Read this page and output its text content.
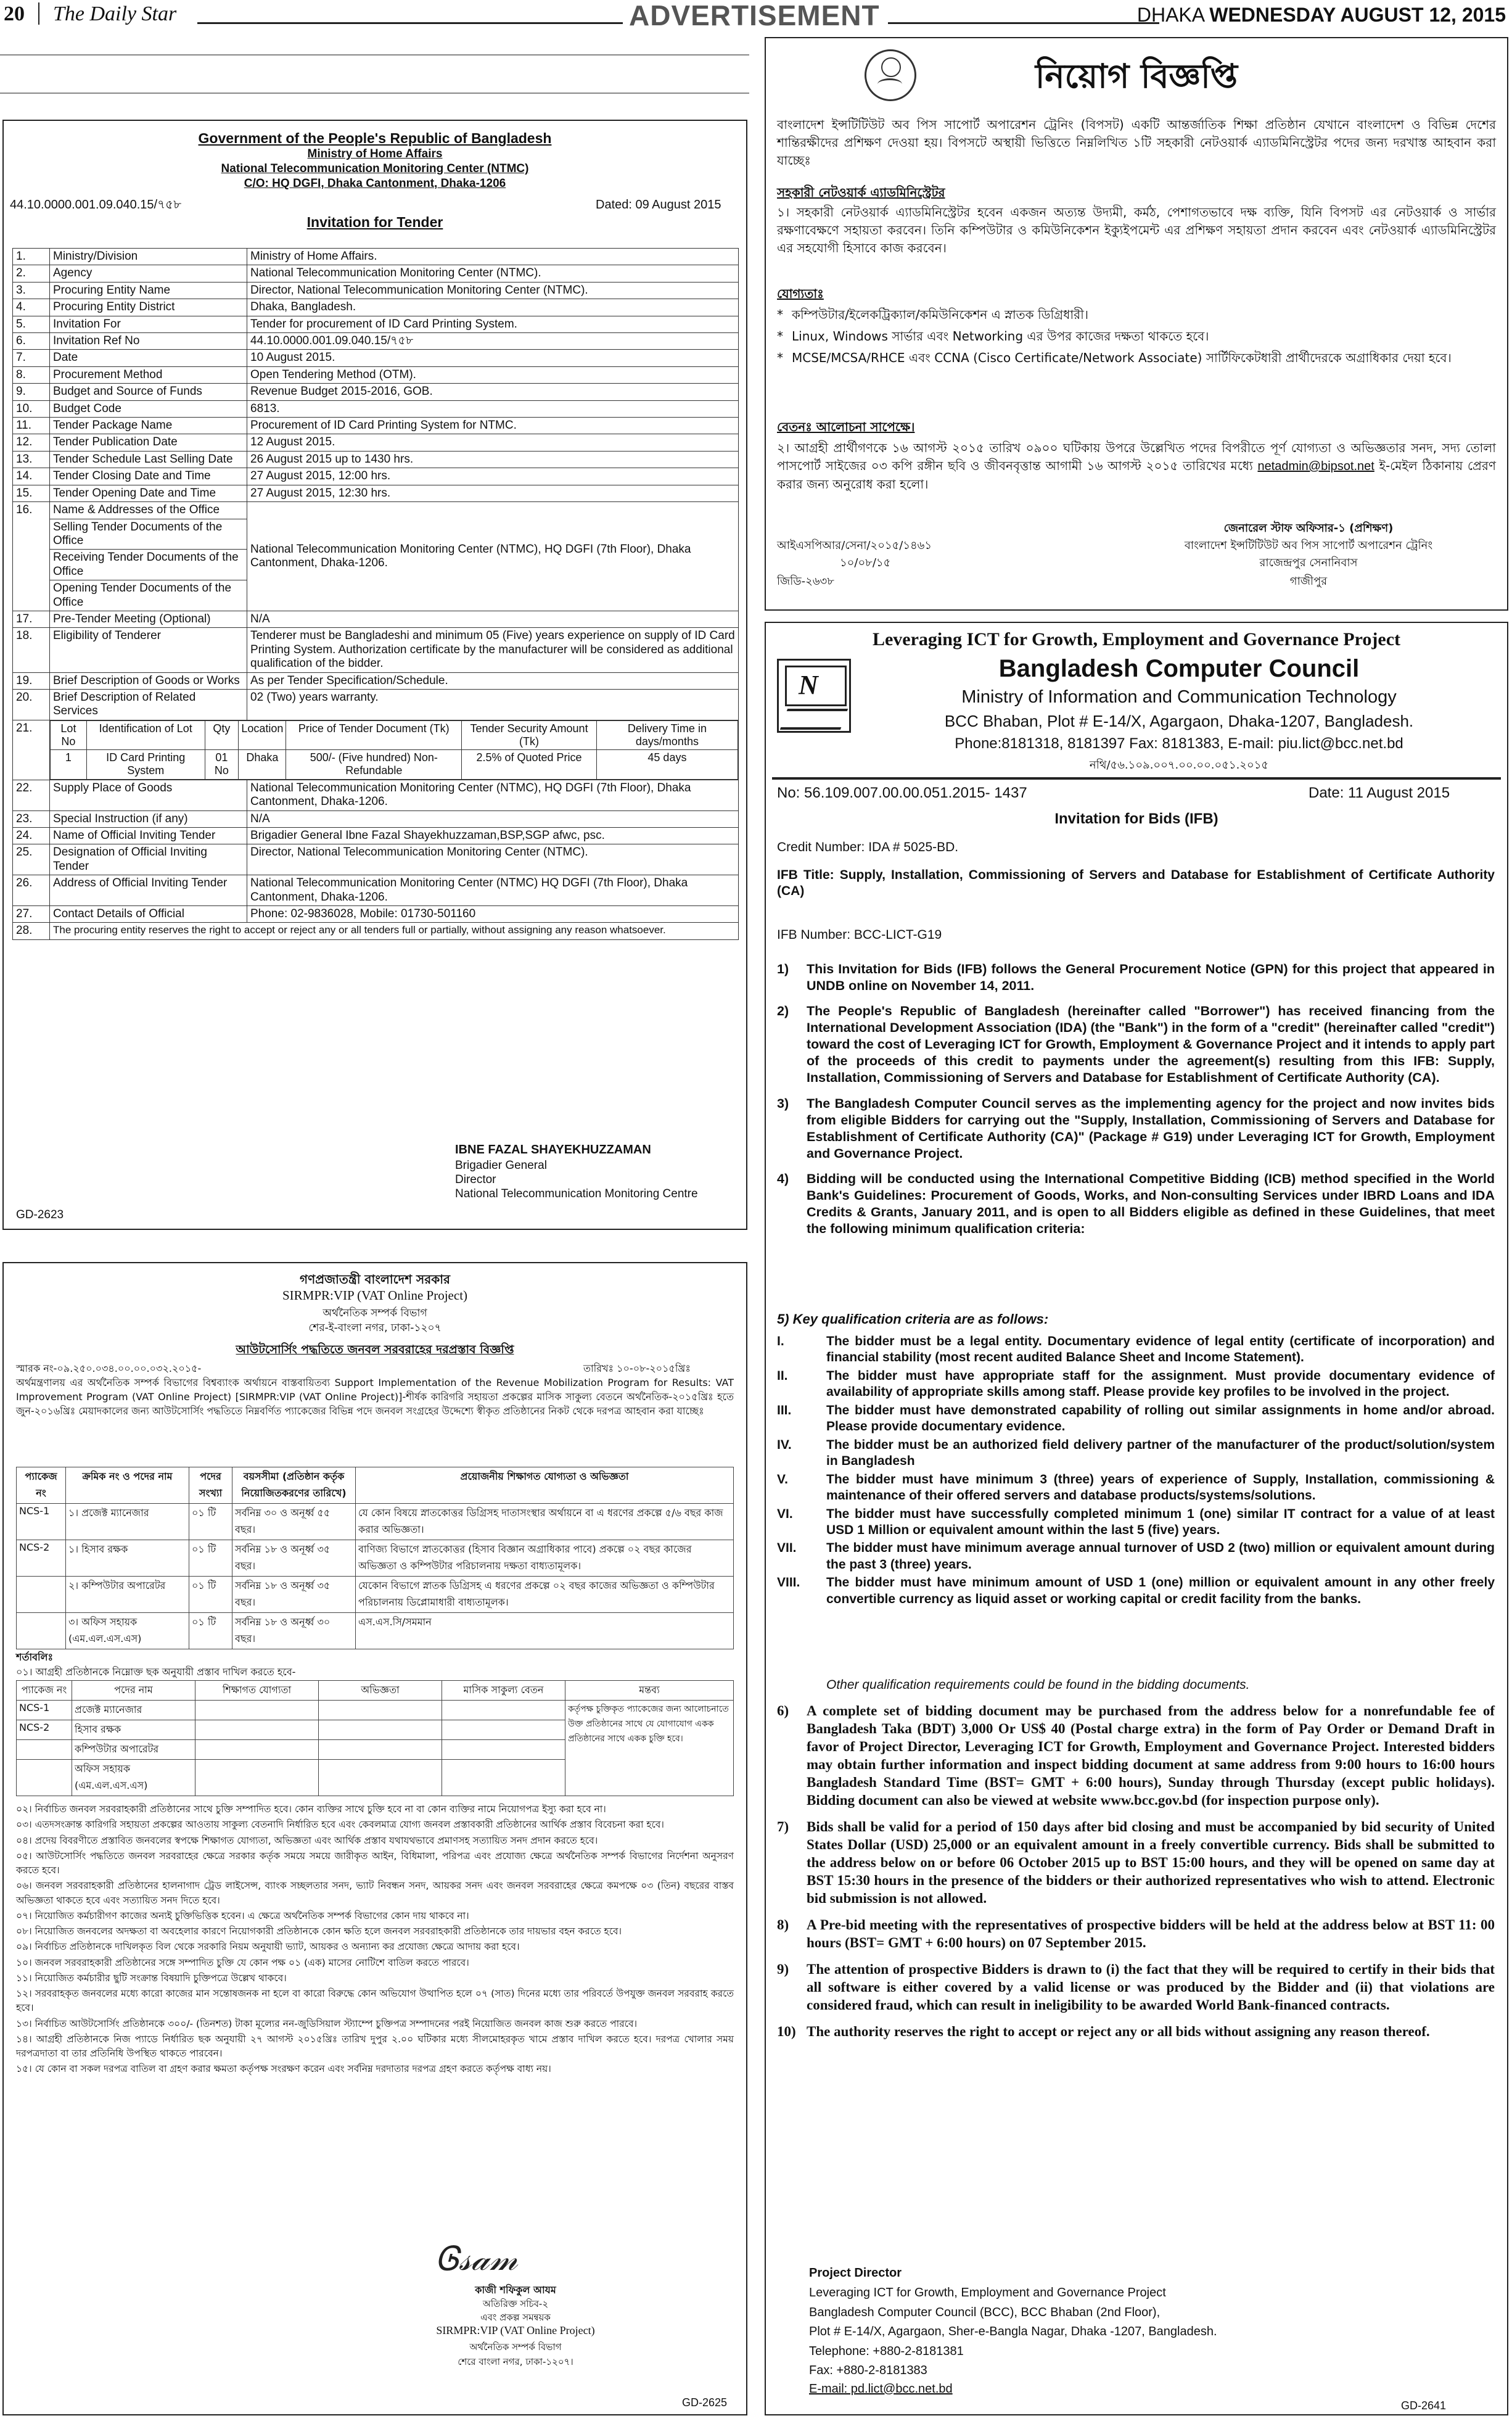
20 The Daily Star	ADVERTISEMENT	DHAKA WEDNESDAY AUGUST 12, 2015
Government of the People's Republic of Bangladesh
Ministry of Home Affairs
National Telecommunication Monitoring Center (NTMC)
C/O: HQ DGFI, Dhaka Cantonment, Dhaka-1206
44.10.0000.001.09.040.15/৭৫৮	Dated: 09 August 2015
Invitation for Tender
1.	Ministry/Division	Ministry of Home Affairs.
2.	Agency	National Telecommunication Monitoring Center (NTMC).
3.	Procuring Entity Name	Director, National Telecommunication Monitoring Center (NTMC).
4.	Procuring Entity District	Dhaka, Bangladesh.
5.	Invitation For	Tender for procurement of ID Card Printing System.
6.	Invitation Ref No	44.10.0000.001.09.040.15/৭৫৮
7.	Date	10 August 2015.
8.	Procurement Method	Open Tendering Method (OTM).
9.	Budget and Source of Funds	Revenue Budget 2015-2016, GOB.
10.	Budget Code	6813.
11.	Tender Package Name	Procurement of ID Card Printing System for NTMC.
12.	Tender Publication Date	12 August 2015.
13.	Tender Schedule Last Selling Date	26 August 2015 up to 1430 hrs.
14.	Tender Closing Date and Time	27 August 2015, 12:00 hrs.
15.	Tender Opening Date and Time	27 August 2015, 12:30 hrs.
16.	Name & Addresses of the Office
Selling Tender Documents of the Office
Receiving Tender Documents of the Office
Opening Tender Documents of the Office
	National Telecommunication Monitoring Center (NTMC), HQ DGFI (7th Floor), Dhaka Cantonment, Dhaka-1206.
17.	Pre-Tender Meeting (Optional)	N/A
18.	Eligibility of Tenderer	Tenderer must be Bangladeshi and minimum 05 (Five) years experience on supply of ID Card Printing System. Authorization certificate by the manufacturer will be considered as additional qualification of the bidder.
19.	Brief Description of Goods or Works	As per Tender Specification/Schedule.
20.	Brief Description of Related Services	02 (Two) years warranty.
21.		Lot No	Identification of Lot	Qty	Location	Price of Tender Document (Tk)	Tender Security Amount (Tk)	Delivery Time in days/months
1	ID Card Printing System	01 No	Dhaka	500/- (Five hundred) Non-Refundable	2.5% of Quoted Price	45 days

22.	Supply Place of Goods	National Telecommunication Monitoring Center (NTMC), HQ DGFI (7th Floor), Dhaka Cantonment, Dhaka-1206.
23.	Special Instruction (if any)	N/A
24.	Name of Official Inviting Tender	Brigadier General Ibne Fazal Shayekhuzzaman,BSP,SGP afwc, psc.
25.	Designation of Official Inviting Tender	Director, National Telecommunication Monitoring Center (NTMC).
26.	Address of Official Inviting Tender	National Telecommunication Monitoring Center (NTMC) HQ DGFI (7th Floor), Dhaka Cantonment, Dhaka-1206.
27.	Contact Details of Official	Phone: 02-9836028, Mobile: 01730-501160
28.	The procuring entity reserves the right to accept or reject any or all tenders full or partially, without assigning any reason whatsoever.
IBNE FAZAL SHAYEKHUZZAMAN
Brigadier General
Director
National Telecommunication Monitoring Centre
GD-2623
গণপ্রজাতন্ত্রী বাংলাদেশ সরকার
SIRMPR:VIP (VAT Online Project)
অর্থনৈতিক সম্পর্ক বিভাগ
শের-ই-বাংলা নগর, ঢাকা-১২০৭
আউটসোর্সিং পদ্ধতিতে জনবল সরবরাহের দরপ্রস্তাব বিজ্ঞপ্তি
স্মারক নং-০৯.২৫০.০৩৪.০০.০০.০৩২.২০১৫-	তারিখঃ ১০-০৮-২০১৫খ্রিঃ
অর্থমন্ত্রণালয় এর অর্থনৈতিক সম্পর্ক বিভাগের বিশ্বব্যাংক অর্থায়নে বাস্তবায়িতব্য Support Implementation of the Revenue Mobilization Program for Results: VAT Improvement Program (VAT Online Project) [SIRMPR:VIP (VAT Online Project)]-শীর্ষক কারিগরি সহায়তা প্রকল্পের মাসিক সাকুল্য বেতনে অর্থনৈতিক-২০১৫খ্রিঃ হতে জুন-২০১৬খ্রিঃ মেয়াদকালের জন্য আউটসোর্সিং পদ্ধতিতে নিম্নবর্ণিত প্যাকেজের বিভিন্ন পদে জনবল সংগ্রহের উদ্দেশ্যে স্বীকৃত প্রতিষ্ঠানের নিকট থেকে দরপত্র আহবান করা যাচ্ছেঃ
প্যাকেজ নং	ক্রমিক নং ও পদের নাম	পদের সংখ্যা	বয়সসীমা (প্রতিষ্ঠান কর্তৃক নিয়োজিতকরণের তারিখে)	প্রয়োজনীয় শিক্ষাগত যোগ্যতা ও অভিজ্ঞতা
NCS-1	১। প্রজেক্ট ম্যানেজার	০১ টি	সর্বনিম্ন ৩০ ও অনূর্ধ্ব ৫৫ বছর।	যে কোন বিষয়ে স্নাতকোত্তর ডিগ্রিসহ দাতাসংস্থার অর্থায়নে বা এ ধরণের প্রকল্পে ৫/৬ বছর কাজ করার অভিজ্ঞতা।
NCS-2	১। হিসাব রক্ষক	০১ টি	সর্বনিম্ন ১৮ ও অনূর্ধ্ব ৩৫ বছর।	বাণিজ্য বিভাগে স্নাতকোত্তর (হিসাব বিজ্ঞান অগ্রাধিকার পাবে) প্রকল্পে ০২ বছর কাজের অভিজ্ঞতা ও কম্পিউটার পরিচালনায় দক্ষতা বাধ্যতামূলক।
	২। কম্পিউটার অপারেটর	০১ টি	সর্বনিম্ন ১৮ ও অনূর্ধ্ব ৩৫ বছর।	যেকোন বিভাগে স্নাতক ডিগ্রিসহ এ ধরণের প্রকল্পে ০২ বছর কাজের অভিজ্ঞতা ও কম্পিউটার পরিচালনায় ডিপ্লোমাধারী বাধ্যতামূলক।
	৩। অফিস সহায়ক (এম.এল.এস.এস)	০১ টি	সর্বনিম্ন ১৮ ও অনূর্ধ্ব ৩০ বছর।	এস.এস.সি/সমমান
শর্তাবলিঃ
০১। আগ্রহী প্রতিষ্ঠানকে নিম্নোক্ত ছক অনুযায়ী প্রস্তাব দাখিল করতে হবে-
প্যাকেজ নং	পদের নাম	শিক্ষাগত যোগ্যতা	অভিজ্ঞতা	মাসিক সাকুল্য বেতন	মন্তব্য
NCS-1	প্রজেক্ট ম্যানেজার				কর্তৃপক্ষ চুক্তিকৃত প্যাকেজের জন্য আলোচনাতে উক্ত প্রতিষ্ঠানের সাথে যে যোগাযোগ একক প্রতিষ্ঠানের সাথে একক চুক্তি হবে।
NCS-2	হিসাব রক্ষক				
	কম্পিউটার অপারেটর				
	অফিস সহায়ক (এম.এল.এস.এস)				
০২। নির্বাচিত জনবল সরবরাহকারী প্রতিষ্ঠানের সাথে চুক্তি সম্পাদিত হবে। কোন ব্যক্তির সাথে চুক্তি হবে না বা কোন ব্যক্তির নামে নিয়োগপত্র ইস্যু করা হবে না।
০৩। এতদসংক্রান্ত কারিগরি সহায়তা প্রকল্পের আওতায় সাকুল্য বেতনাদি নির্ধারিত হবে এবং কেবলমাত্র যোগ্য জনবল প্রস্তাবকারী প্রতিষ্ঠানের আর্থিক প্রস্তাব বিবেচনা করা হবে।
০৪। প্রদেয় বিবরণীতে প্রস্তাবিত জনবলের স্বপক্ষে শিক্ষাগত যোগ্যতা, অভিজ্ঞতা এবং আর্থিক প্রস্তাব যথাযথভাবে প্রমাণসহ সত্যায়িত সনদ প্রদান করতে হবে।
০৫। আউটসোর্সিং পদ্ধতিতে জনবল সরবরাহের ক্ষেত্রে সরকার কর্তৃক সময়ে সময়ে জারীকৃত আইন, বিধিমালা, পরিপত্র এবং প্রযোজ্য ক্ষেত্রে অর্থনৈতিক সম্পর্ক বিভাগের নির্দেশনা অনুসরণ করতে হবে।
০৬। জনবল সরবরাহকারী প্রতিষ্ঠানের হালনাগাদ ট্রেড লাইসেন্স, ব্যাংক সচ্ছলতার সনদ, ভ্যাট নিবন্ধন সনদ, আয়কর সনদ এবং জনবল সরবরাহের ক্ষেত্রে কমপক্ষে ০৩ (তিন) বছরের বাস্তব অভিজ্ঞতা থাকতে হবে এবং সত্যায়িত সনদ দিতে হবে।
০৭। নিয়োজিত কর্মচারীগণ কাজের অন্যই চুক্তিভিত্তিক হবেন। এ ক্ষেত্রে অর্থনৈতিক সম্পর্ক বিভাগের কোন দায় থাকবে না।
০৮। নিয়োজিত জনবলের অদক্ষতা বা অবহেলার কারণে নিয়োগকারী প্রতিষ্ঠানকে কোন ক্ষতি হলে জনবল সরবরাহকারী প্রতিষ্ঠানকে তার দায়ভার বহন করতে হবে।
০৯। নির্বাচিত প্রতিষ্ঠানকে দাখিলকৃত বিল থেকে সরকারি নিয়ম অনুযায়ী ভ্যাট, আয়কর ও অন্যান্য কর প্রযোজ্য ক্ষেত্রে আদায় করা হবে।
১০। জনবল সরবরাহকারী প্রতিষ্ঠানের সঙ্গে সম্পাদিত চুক্তি যে কোন পক্ষ ০১ (এক) মাসের নোটিশে বাতিল করতে পারবে।
১১। নিয়োজিত কর্মচারীর ছুটি সংক্রান্ত বিষয়াদি চুক্তিপত্রে উল্লেখ থাকবে।
১২। সরবরাহকৃত জনবলের মধ্যে কারো কাজের মান সন্তোষজনক না হলে বা কারো বিরুদ্ধে কোন অভিযোগ উত্থাপিত হলে ০৭ (সাত) দিনের মধ্যে তার পরিবর্তে উপযুক্ত জনবল সরবরাহ করতে হবে।
১৩। নির্বাচিত আউটসোর্সিং প্রতিষ্ঠানকে ৩০০/- (তিনশত) টাকা মূল্যের নন-জুডিসিয়াল স্ট্যাম্পে চুক্তিপত্র সম্পাদনের পরই নিয়োজিত জনবল কাজ শুরু করতে পারবে।
১৪। আগ্রহী প্রতিষ্ঠানকে নিজ প্যাডে নির্ধারিত ছক অনুযায়ী ২৭ আগস্ট ২০১৫খ্রিঃ তারিখ দুপুর ২.০০ ঘটিকার মধ্যে সীলমোহরকৃত খামে প্রস্তাব দাখিল করতে হবে। দরপত্র খোলার সময় দরপত্রদাতা বা তার প্রতিনিধি উপস্থিত থাকতে পারবেন।
১৫। যে কোন বা সকল দরপত্র বাতিল বা গ্রহণ করার ক্ষমতা কর্তৃপক্ষ সংরক্ষণ করেন এবং সর্বনিম্ন দরদাতার দরপত্র গ্রহণ করতে কর্তৃপক্ষ বাধ্য নয়।
Ꮆ𝓈𝒶𝓂
কাজী শফিকুল আযম
অতিরিক্ত সচিব-২
এবং প্রকল্প সমন্বয়ক
SIRMPR:VIP (VAT Online Project)
অর্থনৈতিক সম্পর্ক বিভাগ
শেরে বাংলা নগর, ঢাকা-১২০৭।
GD-2625
নিয়োগ বিজ্ঞপ্তি
বাংলাদেশ ইন্সটিটিউট অব পিস সাপোর্ট অপারেশন ট্রেনিং (বিপসট) একটি আন্তর্জাতিক শিক্ষা প্রতিষ্ঠান যেখানে বাংলাদেশ ও বিভিন্ন দেশের শান্তিরক্ষীদের প্রশিক্ষণ দেওয়া হয়। বিপসটে অস্থায়ী ভিত্তিতে নিম্নলিখিত ১টি সহকারী নেটওয়ার্ক এ্যাডমিনিস্ট্রেটর পদের জন্য দরখাস্ত আহবান করা যাচ্ছেঃ
সহকারী নেটওয়ার্ক এ্যাডমিনিস্ট্রেটর
১। সহকারী নেটওয়ার্ক এ্যাডমিনিস্ট্রেটর হবেন একজন অত্যন্ত উদ্যমী, কর্মঠ, পেশাগতভাবে দক্ষ ব্যক্তি, যিনি বিপসট এর নেটওয়ার্ক ও সার্ভার রক্ষণাবেক্ষণে সহায়তা করবেন। তিনি কম্পিউটার ও কমিউনিকেশন ইক্যুইপমেন্ট এর প্রশিক্ষণ সহায়তা প্রদান করবেন এবং নেটওয়ার্ক এ্যাডমিনিস্ট্রেটর এর সহযোগী হিসাবে কাজ করবেন।
যোগ্যতাঃ
* কম্পিউটার/ইলেকট্রিক্যাল/কমিউনিকেশন এ স্নাতক ডিগ্রিধারী।
* Linux, Windows সার্ভার এবং Networking এর উপর কাজের দক্ষতা থাকতে হবে।
* MCSE/MCSA/RHCE এবং CCNA (Cisco Certificate/Network Associate) সার্টিফিকেটধারী প্রার্থীদেরকে অগ্রাধিকার দেয়া হবে।
বেতনঃ আলোচনা সাপেক্ষে।
২। আগ্রহী প্রার্থীগণকে ১৬ আগস্ট ২০১৫ তারিখ ০৯০০ ঘটিকায় উপরে উল্লেখিত পদের বিপরীতে পূর্ণ যোগ্যতা ও অভিজ্ঞতার সনদ, সদ্য তোলা পাসপোর্ট সাইজের ০৩ কপি রঙ্গীন ছবি ও জীবনবৃত্তান্ত আগামী ১৬ আগস্ট ২০১৫ তারিখের মধ্যে netadmin@bipsot.net ই-মেইল ঠিকানায় প্রেরণ করার জন্য অনুরোধ করা হলো।
জেনারেল স্টাফ অফিসার-১ (প্রশিক্ষণ)
আইএসপিআর/সেনা/২০১৫/১৪৬১	বাংলাদেশ ইন্সটিটিউট অব পিস সাপোর্ট অপারেশন ট্রেনিং
১০/০৮/১৫	রাজেন্দ্রপুর সেনানিবাস
জিডি-২৬৩৮	গাজীপুর
Leveraging ICT for Growth, Employment and Governance Project
N
Bangladesh Computer Council
Ministry of Information and Communication Technology
BCC Bhaban, Plot # E-14/X, Agargaon, Dhaka-1207, Bangladesh.
Phone:8181318, 8181397 Fax: 8181383, E-mail: piu.lict@bcc.net.bd
নথি/৫৬.১০৯.০০৭.০০.০০.০৫১.২০১৫
No: 56.109.007.00.00.051.2015- 1437	Date: 11 August 2015
Invitation for Bids (IFB)
Credit Number: IDA # 5025-BD.
IFB Title: Supply, Installation, Commissioning of Servers and Database for Establishment of Certificate Authority (CA)
IFB Number: BCC-LICT-G19
1)	This Invitation for Bids (IFB) follows the General Procurement Notice (GPN) for this project that appeared in UNDB online on November 14, 2011.
2)	The People's Republic of Bangladesh (hereinafter called "Borrower") has received financing from the International Development Association (IDA) (the "Bank") in the form of a "credit" (hereinafter called "credit") toward the cost of Leveraging ICT for Growth, Employment & Governance Project and it intends to apply part of the proceeds of this credit to payments under the agreement(s) resulting from this IFB: Supply, Installation, Commissioning of Servers and Database for Establishment of Certificate Authority (CA).
3)	The Bangladesh Computer Council serves as the implementing agency for the project and now invites bids from eligible Bidders for carrying out the "Supply, Installation, Commissioning of Servers and Database for Establishment of Certificate Authority (CA)" (Package # G19) under Leveraging ICT for Growth, Employment and Governance Project.
4)	Bidding will be conducted using the International Competitive Bidding (ICB) method specified in the World Bank's Guidelines: Procurement of Goods, Works, and Non-consulting Services under IBRD Loans and IDA Credits & Grants, January 2011, and is open to all Bidders eligible as defined in these Guidelines, that meet the following minimum qualification criteria:
5) Key qualification criteria are as follows:
I.	The bidder must be a legal entity. Documentary evidence of legal entity (certificate of incorporation) and financial stability (most recent audited Balance Sheet and Income Statement).
II.	The bidder must have appropriate staff for the assignment. Must provide documentary evidence of availability of appropriate skills among staff. Please provide key profiles to be involved in the project.
III.	The bidder must have demonstrated capability of rolling out similar assignments in home and/or abroad. Please provide documentary evidence.
IV.	The bidder must be an authorized field delivery partner of the manufacturer of the product/solution/system in Bangladesh
V.	The bidder must have minimum 3 (three) years of experience of Supply, Installation, commissioning & maintenance of their offered servers and database products/systems/solutions.
VI.	The bidder must have successfully completed minimum 1 (one) similar IT contract for a value of at least USD 1 Million or equivalent amount within the last 5 (five) years.
VII.	The bidder must have minimum average annual turnover of USD 2 (two) million or equivalent amount during the past 3 (three) years.
VIII.	The bidder must have minimum amount of USD 1 (one) million or equivalent amount in any other freely convertible currency as liquid asset or working capital or credit facility from the banks.
Other qualification requirements could be found in the bidding documents.
6)	A complete set of bidding document may be purchased from the address below for a nonrefundable fee of Bangladesh Taka (BDT) 3,000 Or US$ 40 (Postal charge extra) in the form of Pay Order or Demand Draft in favor of Project Director, Leveraging ICT for Growth, Employment and Governance Project. Interested bidders may obtain further information and inspect bidding document at same address from 9:00 hours to 16:00 hours Bangladesh Standard Time (BST= GMT + 6:00 hours), Sunday through Thursday (except public holidays). Bidding document can also be viewed at website www.bcc.gov.bd (for inspection purpose only).
7)	Bids shall be valid for a period of 150 days after bid closing and must be accompanied by bid security of United States Dollar (USD) 25,000 or an equivalent amount in a freely convertible currency. Bids shall be submitted to the address below on or before 06 October 2015 up to BST 15:00 hours, and they will be opened on same day at BST 15:30 hours in the presence of the bidders or their authorized representatives who wish to attend. Electronic bid submission is not allowed.
8)	A Pre-bid meeting with the representatives of prospective bidders will be held at the address below at BST 11: 00 hours (BST= GMT + 6:00 hours) on 07 September 2015.
9)	The attention of prospective Bidders is drawn to (i) the fact that they will be required to certify in their bids that all software is either covered by a valid license or was produced by the Bidder and (ii) that violations are considered fraud, which can result in ineligibility to be awarded World Bank-financed contracts.
10) The authority reserves the right to accept or reject any or all bids without assigning any reason thereof.
Project Director
Leveraging ICT for Growth, Employment and Governance Project
Bangladesh Computer Council (BCC), BCC Bhaban (2nd Floor),
Plot # E-14/X, Agargaon, Sher-e-Bangla Nagar, Dhaka -1207, Bangladesh.
Telephone: +880-2-8181381
Fax: +880-2-8181383
E-mail: pd.lict@bcc.net.bd
GD-2641
